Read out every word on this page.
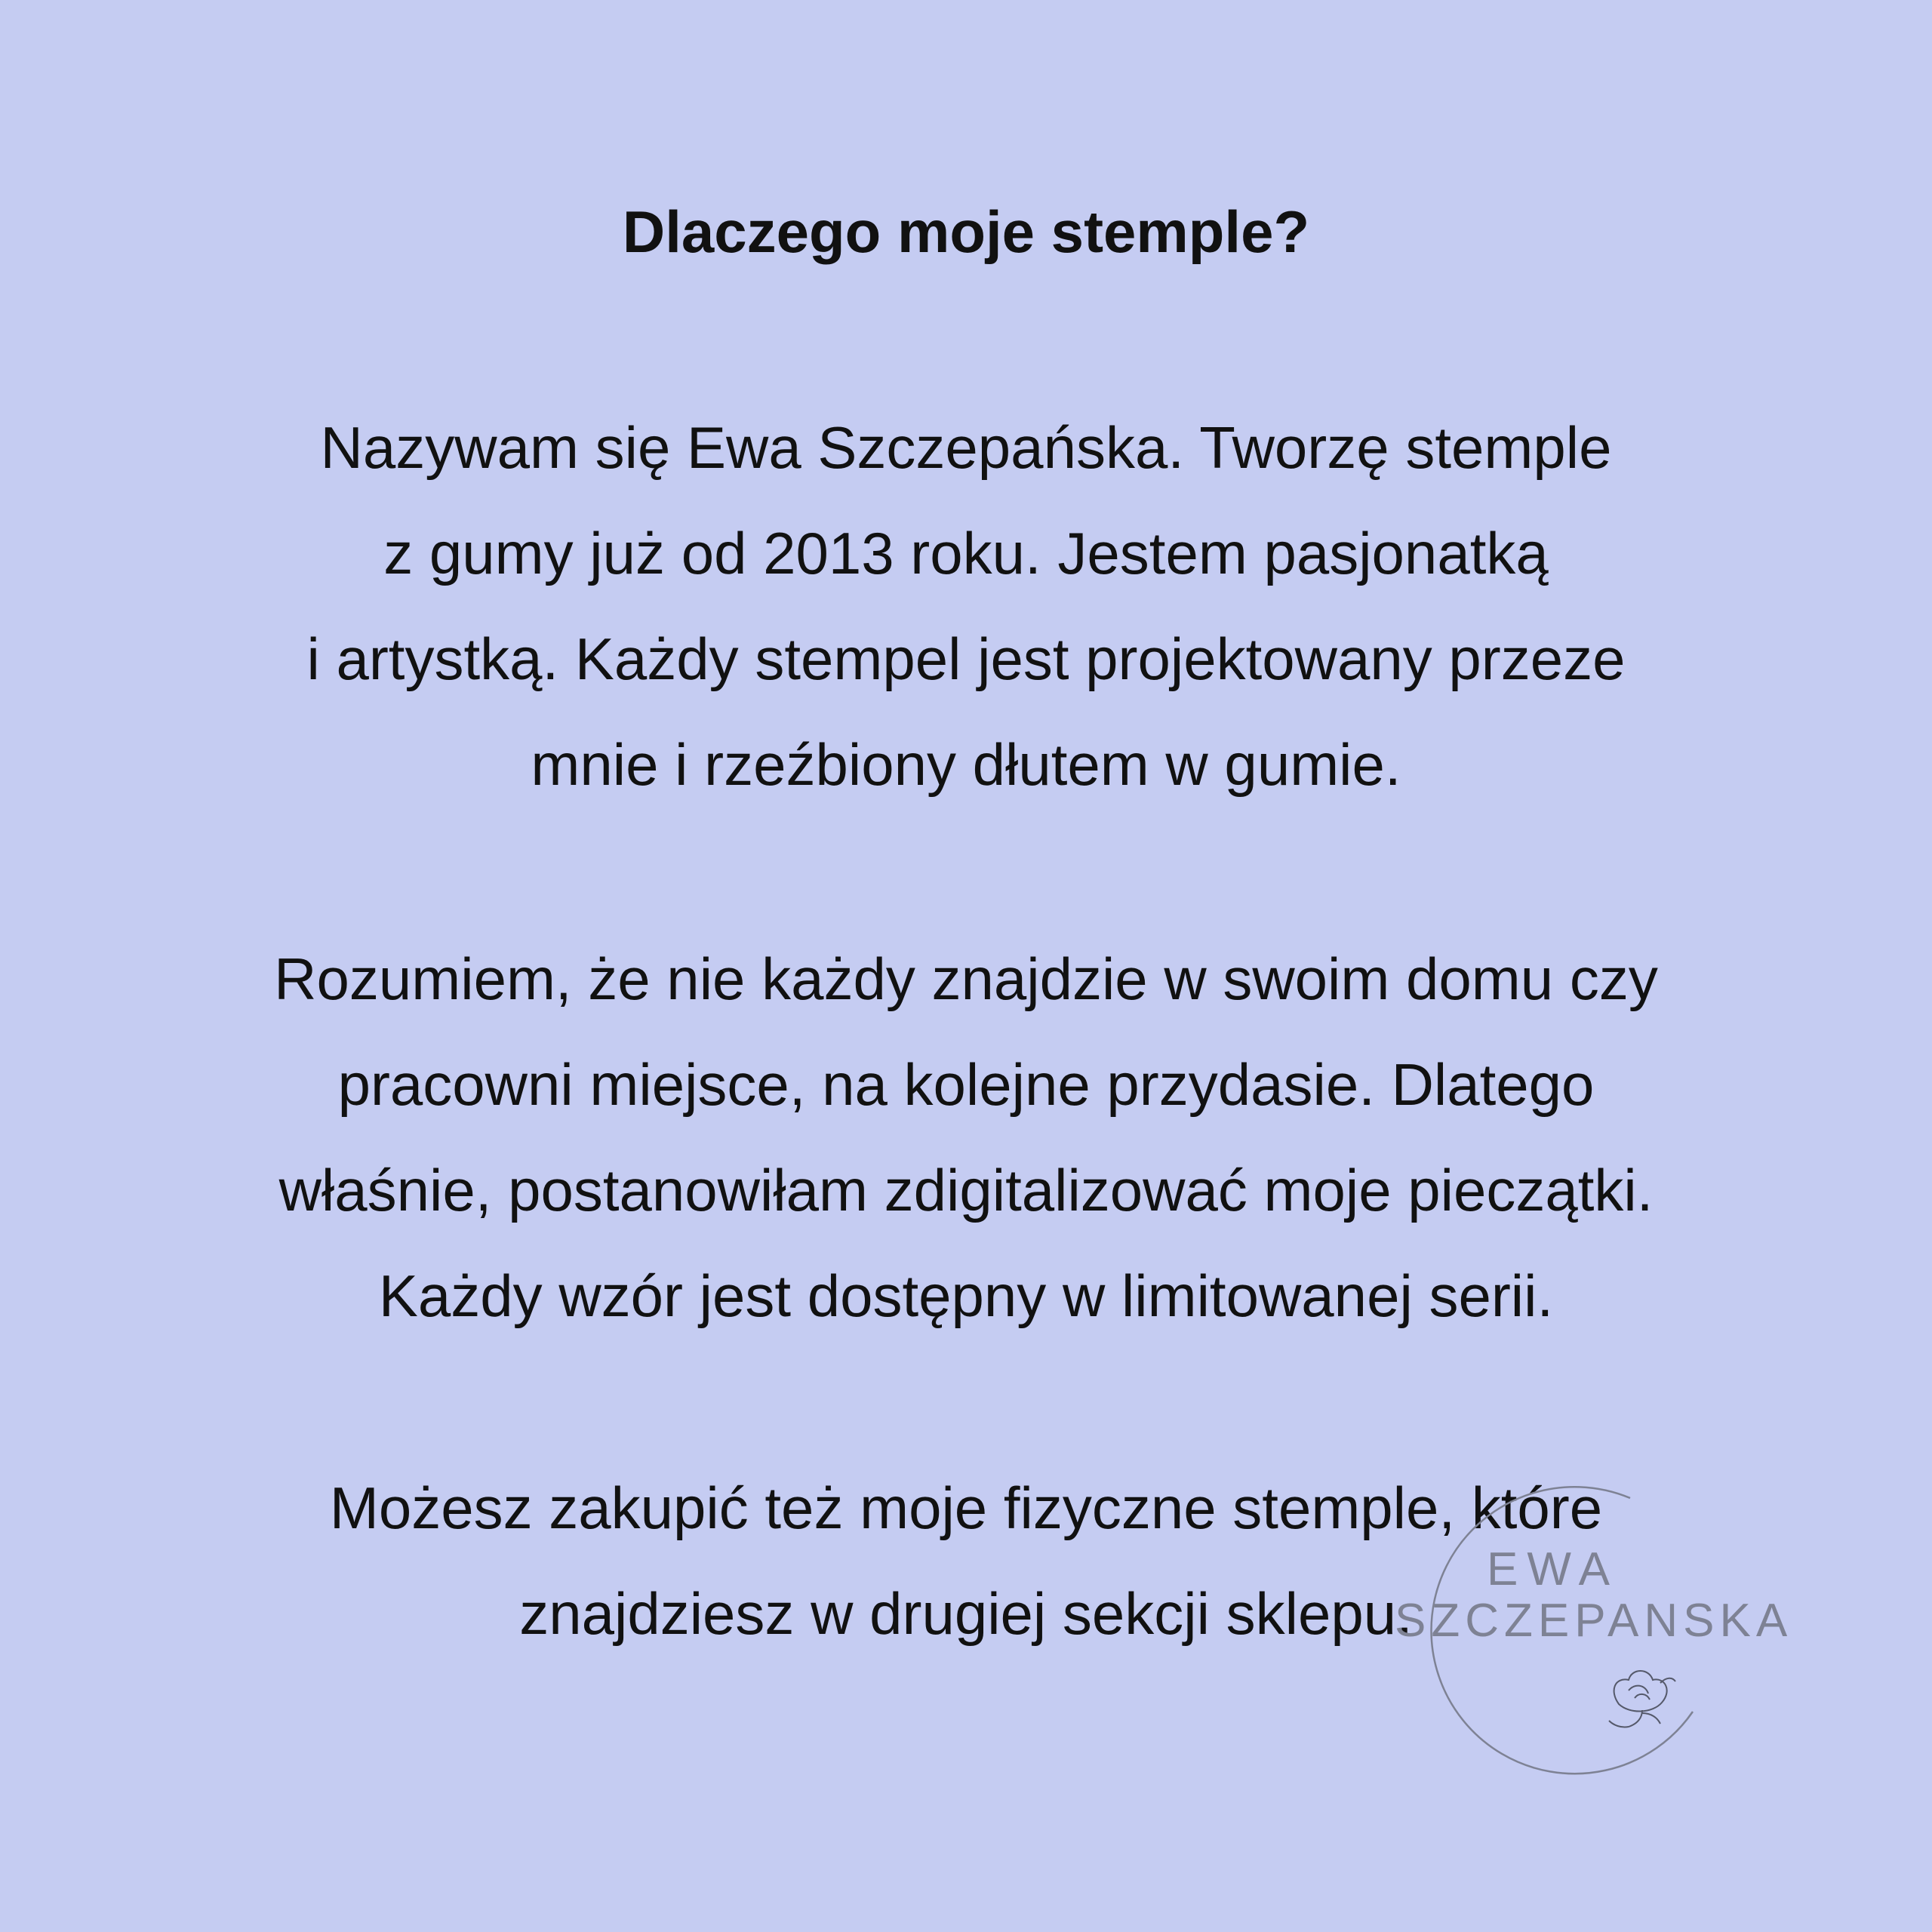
Dlaczego moje stemple?

Nazywam się Ewa Szczepańska. Tworzę stemple
z gumy już od 2013 roku. Jestem pasjonatką
i artystką. Każdy stempel jest projektowany przeze
mnie i rzeźbiony dłutem w gumie.

Rozumiem, że nie każdy znajdzie w swoim domu czy
pracowni miejsce, na kolejne przydasie. Dlatego
właśnie, postanowiłam zdigitalizować moje pieczątki.
Każdy wzór jest dostępny w limitowanej serii.

Możesz zakupić też moje fizyczne stemple, które
znajdziesz w drugiej sekcji sklepu.

EWA
SZCZEPANSKA
